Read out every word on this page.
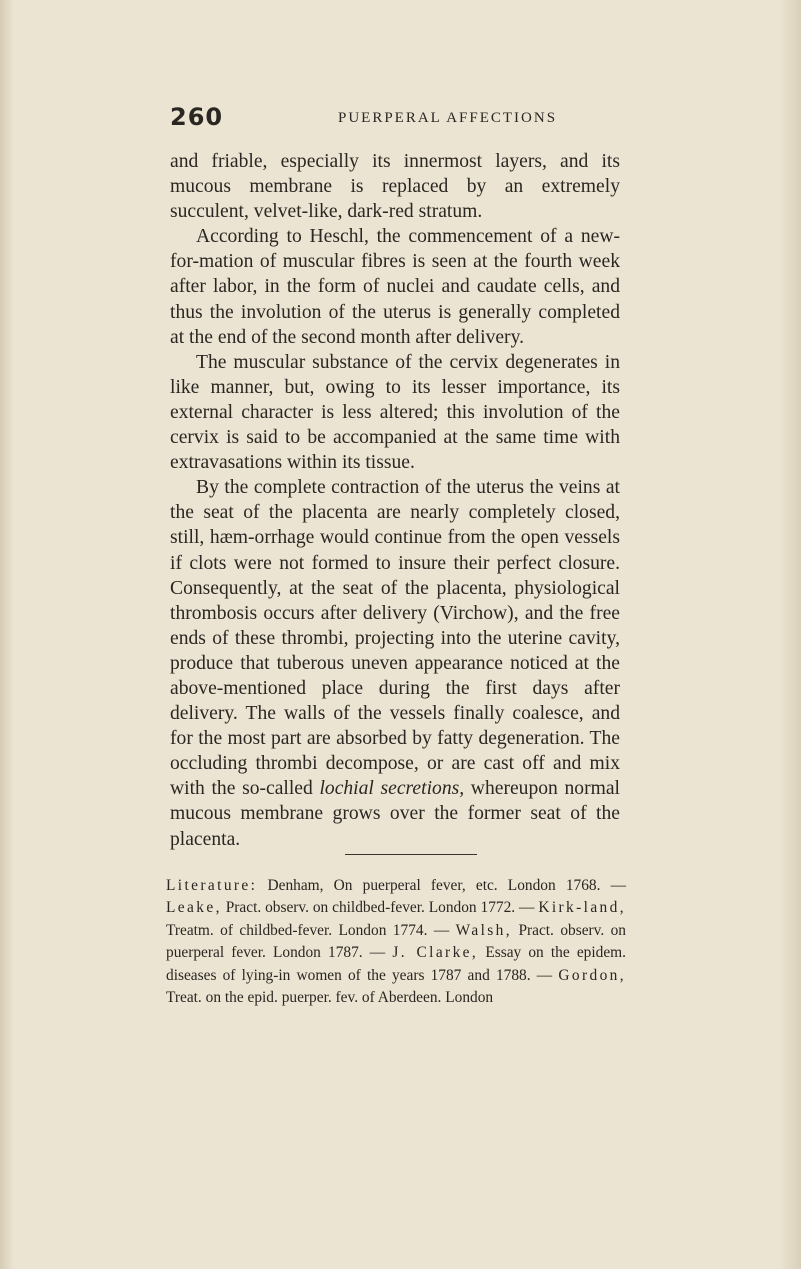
260	PUERPERAL AFFECTIONS

and friable, especially its innermost layers, and its mucous membrane is replaced by an extremely succulent, velvet-like, dark-red stratum.

According to Heschl, the commencement of a new-for-mation of muscular fibres is seen at the fourth week after labor, in the form of nuclei and caudate cells, and thus the involution of the uterus is generally completed at the end of the second month after delivery.

The muscular substance of the cervix degenerates in like manner, but, owing to its lesser importance, its external character is less altered; this involution of the cervix is said to be accompanied at the same time with extravasations within its tissue.

By the complete contraction of the uterus the veins at the seat of the placenta are nearly completely closed, still, hæm-orrhage would continue from the open vessels if clots were not formed to insure their perfect closure. Consequently, at the seat of the placenta, physiological thrombosis occurs after delivery (Virchow), and the free ends of these thrombi, projecting into the uterine cavity, produce that tuberous uneven appearance noticed at the above-mentioned place during the first days after delivery. The walls of the vessels finally coalesce, and for the most part are absorbed by fatty degeneration. The occluding thrombi decompose, or are cast off and mix with the so-called lochial secretions, whereupon normal mucous membrane grows over the former seat of the placenta.

Literature: Denham, On puerperal fever, etc. London 1768. — Leake, Pract. observ. on childbed-fever. London 1772. — Kirk-land, Treatm. of childbed-fever. London 1774. — Walsh, Pract. observ. on puerperal fever. London 1787. — J. Clarke, Essay on the epidem. diseases of lying-in women of the years 1787 and 1788. — Gordon, Treat. on the epid. puerper. fev. of Aberdeen. London
